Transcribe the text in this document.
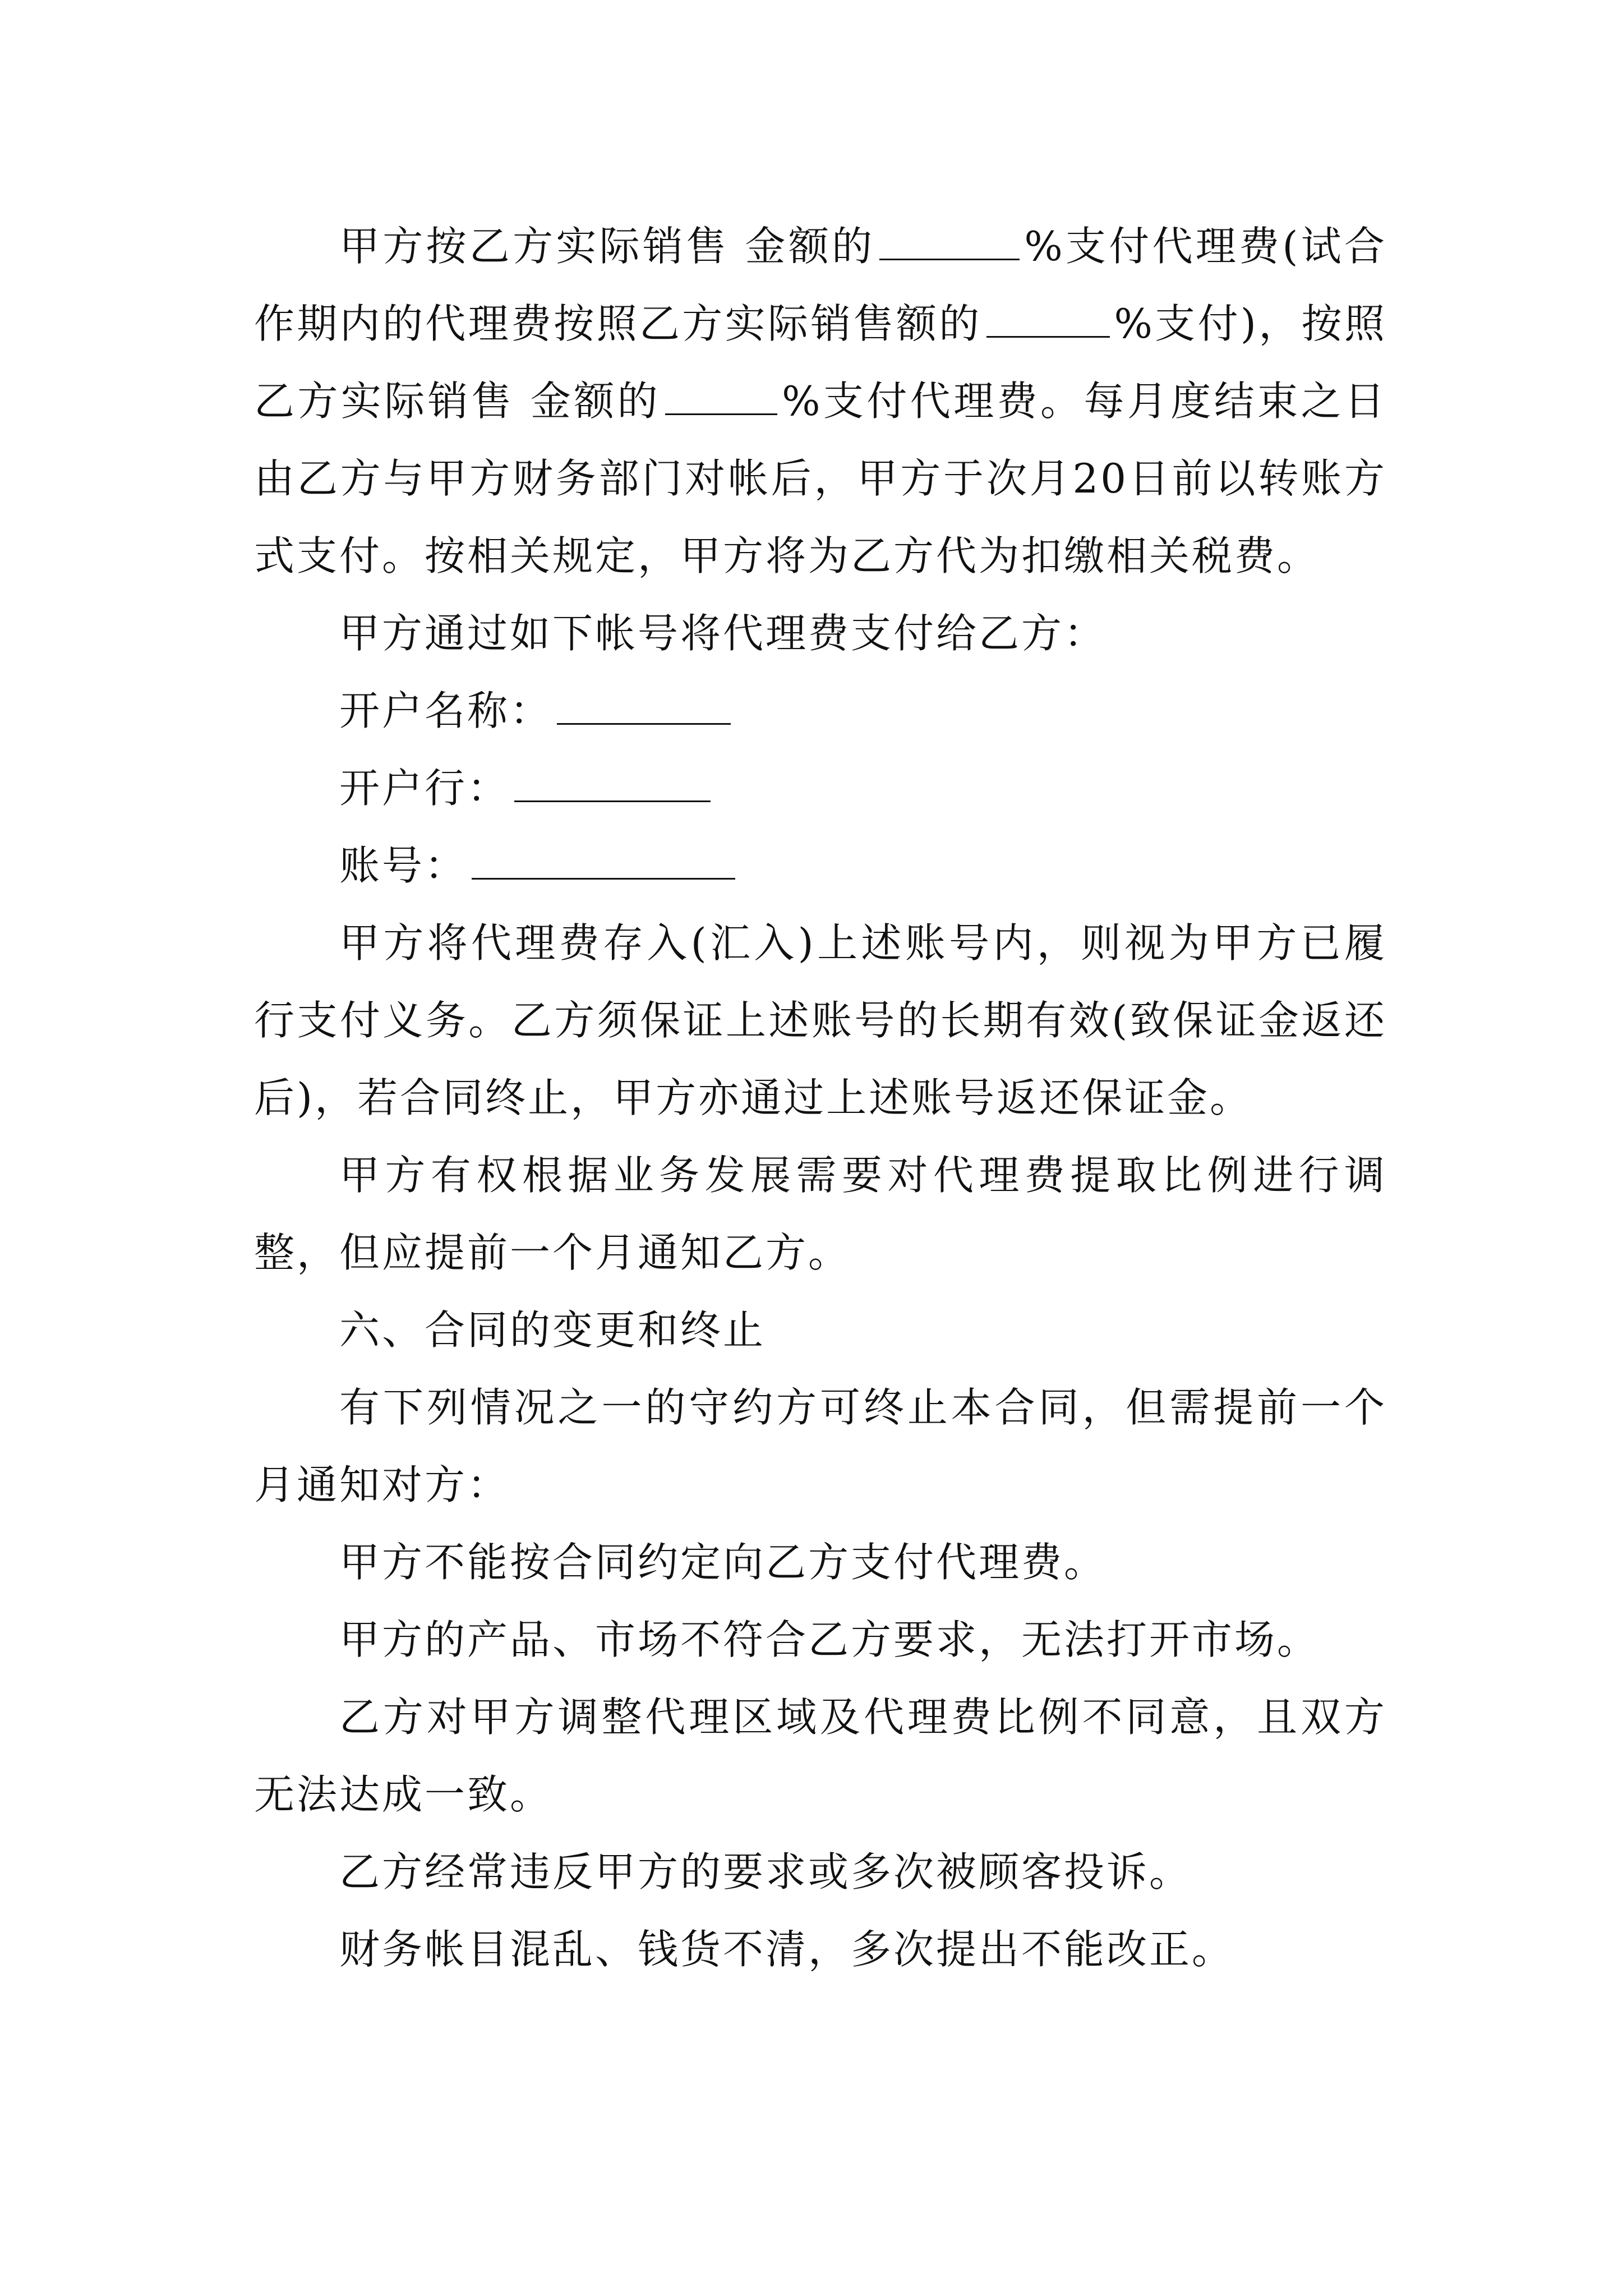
甲方按乙方实际销售 金额的	%支付代理费(试合作期内的代理费按照乙方实际销售额的	%支付)，按照乙方实际销售 金额的	%支付代理费。每月度结束之日由乙方与甲方财务部门对帐后，甲方于次月20日前以转账方式支付。按相关规定，甲方将为乙方代为扣缴相关税费。

甲方通过如下帐号将代理费支付给乙方：

开户名称：

开户行：

账号：

甲方将代理费存入(汇入)上述账号内，则视为甲方已履行支付义务。乙方须保证上述账号的长期有效(致保证金返还后)，若合同终止，甲方亦通过上述账号返还保证金。

甲方有权根据业务发展需要对代理费提取比例进行调整，但应提前一个月通知乙方。

六、合同的变更和终止

有下列情况之一的守约方可终止本合同，但需提前一个月通知对方：

甲方不能按合同约定向乙方支付代理费。

甲方的产品、市场不符合乙方要求，无法打开市场。

乙方对甲方调整代理区域及代理费比例不同意，且双方无法达成一致。

乙方经常违反甲方的要求或多次被顾客投诉。

财务帐目混乱、钱货不清，多次提出不能改正。
